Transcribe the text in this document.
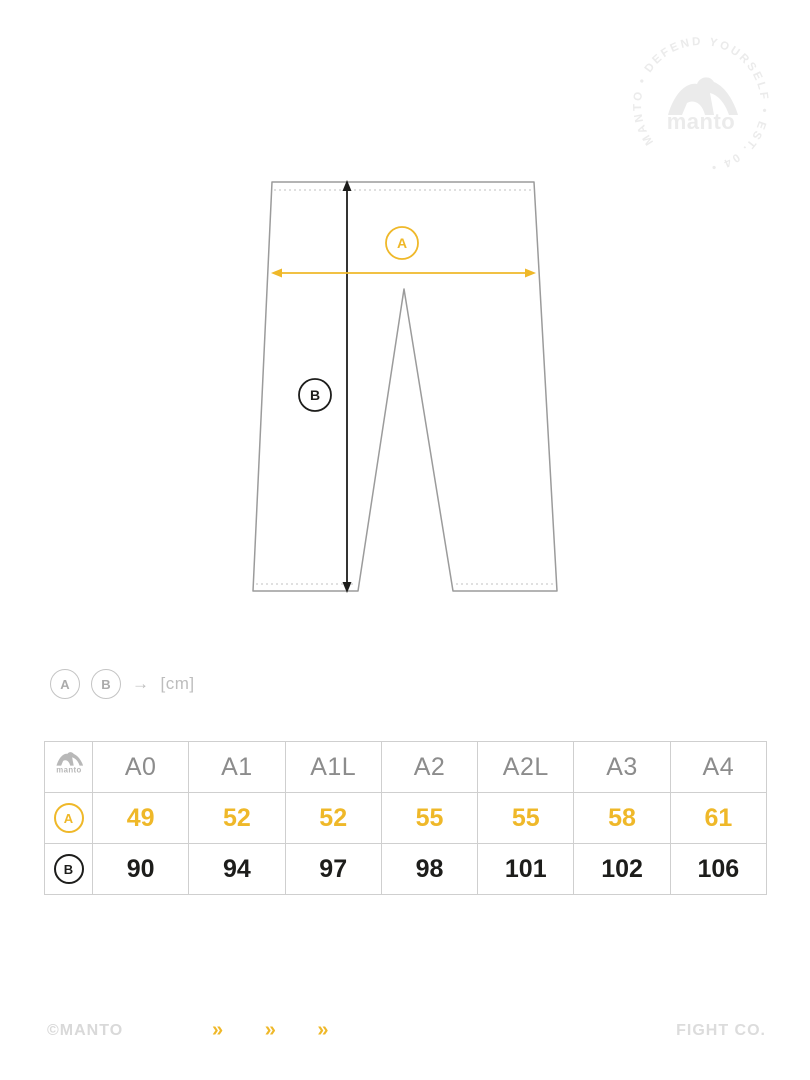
MANTO • DEFEND YOURSELF • EST. 04 •
manto
A
B
A	B	→ [cm]
manto	A0	A1	A1L	A2	A2L	A3	A4
A	49	52	52	55	55	58	61
B	90	94	97	98	101	102	106
©MANTO	» » »	FIGHT CO.
